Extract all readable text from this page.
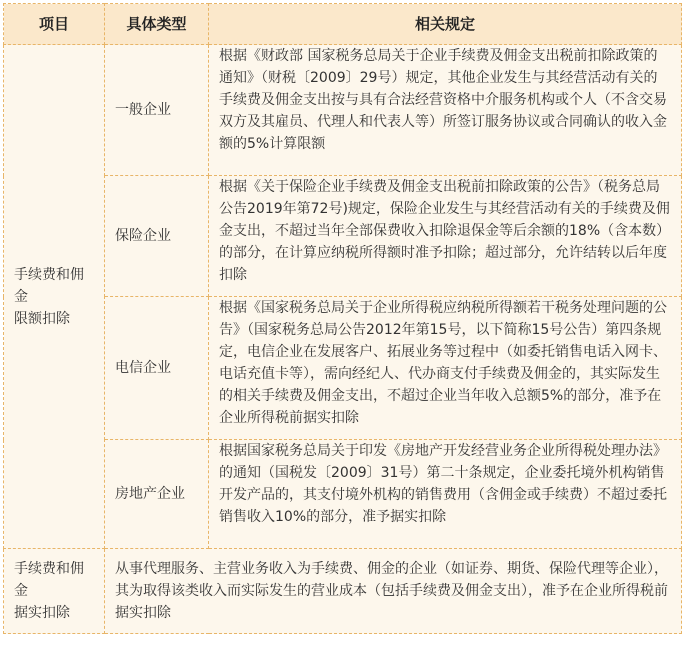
项目	具体类型	相关规定
手续费和佣
金
限额扣除	一般企业	根据《财政部 国家税务总局关于企业手续费及佣金支出税前扣除政策的通知》（财税〔2009〕29号）规定，其他企业发生与其经营活动有关的手续费及佣金支出按与具有合法经营资格中介服务机构或个人（不含交易双方及其雇员、代理人和代表人等）所签订服务协议或合同确认的收入金额的5%计算限额
	保险企业	根据《关于保险企业手续费及佣金支出税前扣除政策的公告》（税务总局公告2019年第72号)规定，保险企业发生与其经营活动有关的手续费及佣金支出，不超过当年全部保费收入扣除退保金等后余额的18%（含本数）的部分，在计算应纳税所得额时准予扣除；超过部分，允许结转以后年度扣除
	电信企业	根据《国家税务总局关于企业所得税应纳税所得额若干税务处理问题的公告》（国家税务总局公告2012年第15号，以下简称15号公告）第四条规定，电信企业在发展客户、拓展业务等过程中（如委托销售电话入网卡、电话充值卡等），需向经纪人、代办商支付手续费及佣金的，其实际发生的相关手续费及佣金支出，不超过企业当年收入总额5%的部分，准予在企业所得税前据实扣除
	房地产企业	根据国家税务总局关于印发《房地产开发经营业务企业所得税处理办法》的通知（国税发〔2009〕31号）第二十条规定，企业委托境外机构销售开发产品的，其支付境外机构的销售费用（含佣金或手续费）不超过委托销售收入10%的部分，准予据实扣除
手续费和佣
金
据实扣除	从事代理服务、主营业务收入为手续费、佣金的企业（如证券、期货、保险代理等企业），其为取得该类收入而实际发生的营业成本（包括手续费及佣金支出），准予在企业所得税前据实扣除	
